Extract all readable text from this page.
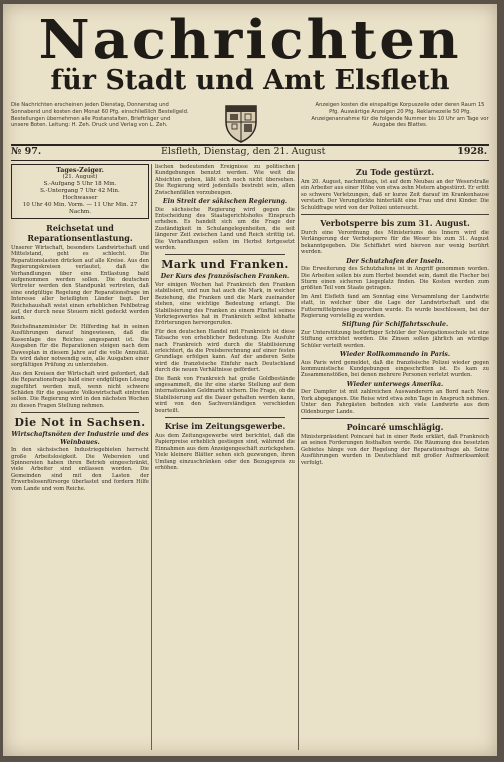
Nachrichten
für Stadt und Amt Elsfleth
Die Nachrichten erscheinen jeden Dienstag, Donnerstag und Sonnabend und kosten den Monat 60 Pfg. einschließlich Bestellgeld. Bestellungen übernehmen alle Postanstalten, Briefträger und unsere Boten. Leitung: H. Zeh. Druck und Verlag von L. Zeh.
Anzeigen kosten die einspaltige Korpuszeile oder deren Raum 15 Pfg. Auswärtige Anzeigen 20 Pfg. Reklamezeile 50 Pfg. Anzeigenannahme für die folgende Nummer bis 10 Uhr am Tage vor Ausgabe des Blattes.
№ 97.	Elsfleth, Dienstag, den 21. August	1928.
Tages-Zeiger.
(21. August)
S.-Aufgang 5 Uhr 18 Min.
S.-Untergang 7 Uhr 42 Min.
Hochwasser
10 Uhr 40 Min. Vorm. — 11 Uhr Min. 27 Nachm.
Reichsetat und Reparationsentlastung.

Unserer Wirtschaft, besonders Landwirtschaft und Mittelstand, geht es schlecht. Die Reparationslasten drücken auf alle Kreise. Aus den Regierungskreisen verlautet, daß die Verhandlungen über eine Entlastung bald aufgenommen werden sollen. Die deutschen Vertreter werden den Standpunkt vertreten, daß eine endgültige Regelung der Reparationsfrage im Interesse aller beteiligten Länder liegt. Der Reichshaushalt weist einen erheblichen Fehlbetrag auf, der durch neue Steuern nicht gedeckt werden kann.

Reichsfinanzminister Dr. Hilferding hat in seinen Ausführungen darauf hingewiesen, daß die Kassenlage des Reiches angespannt ist. Die Ausgaben für die Reparationen steigen nach dem Dawesplan in diesem Jahre auf die volle Annuität. Es wird daher notwendig sein, alle Ausgaben einer sorgfältigen Prüfung zu unterziehen.

Aus den Kreisen der Wirtschaft wird gefordert, daß die Reparationsfrage bald einer endgültigen Lösung zugeführt werden muß, wenn nicht schwere Schäden für die gesamte Volkswirtschaft eintreten sollen. Die Regierung wird in den nächsten Wochen zu diesen Fragen Stellung nehmen.

Die Not in Sachsen.
Wirtschaftsnöten der Industrie und des Weinbaues.

In den sächsischen Industriegebieten herrscht große Arbeitslosigkeit. Die Webereien und Spinnereien haben ihren Betrieb eingeschränkt, viele Arbeiter sind entlassen worden. Die Gemeinden sind mit den Lasten der Erwerbslosenfürsorge überlastet und fordern Hilfe vom Lande und vom Reiche.

lischen bedeutenden Ereignisse zu politischen Kundgebungen benutzt werden. Wie weit die Absichten gehen, läßt sich noch nicht übersehen. Die Regierung wird jedenfalls bestrebt sein, allen Zwischenfällen vorzubeugen.

Ein Streit der säkischen Regierung.

Die sächsische Regierung wird gegen die Entscheidung des Staatsgerichtshofes Einspruch erheben. Es handelt sich um die Frage der Zuständigkeit in Schulangelegenheiten, die seit längerer Zeit zwischen Land und Reich strittig ist. Die Verhandlungen sollen im Herbst fortgesetzt werden.

Mark und Franken.
Der Kurs des französischen Franken.

Vor einigen Wochen hat Frankreich den Franken stabilisiert, und nun hat auch die Mark, in welcher Beziehung, die Franken und die Mark zueinander stehen, eine wichtige Bedeutung erlangt. Die Stabilisierung des Franken zu einem Fünftel seines Vorkriegswertes hat in Frankreich selbst lebhafte Erörterungen hervorgerufen.

Für den deutschen Handel mit Frankreich ist diese Tatsache von erheblicher Bedeutung. Die Ausfuhr nach Frankreich wird durch die Stabilisierung erleichtert, da die Preisberechnung auf einer festen Grundlage erfolgen kann. Auf der anderen Seite wird die französische Einfuhr nach Deutschland durch die neuen Verhältnisse gefördert.

Die Bank von Frankreich hat große Goldbestände angesammelt, die ihr eine starke Stellung auf dem internationalen Geldmarkt sichern. Die Frage, ob die Stabilisierung auf die Dauer gehalten werden kann, wird von den Sachverständigen verschieden beurteilt.

Krise im Zeitungsgewerbe.

Aus dem Zeitungsgewerbe wird berichtet, daß die Papierpreise erheblich gestiegen sind, während die Einnahmen aus dem Anzeigengeschäft zurückgehen. Viele kleinere Blätter sehen sich gezwungen, ihren Umfang einzuschränken oder den Bezugspreis zu erhöhen.

Zu Tode gestürzt.

Am 20. August, nachmittags, ist auf dem Neubau an der Weserstraße ein Arbeiter aus einer Höhe von etwa zehn Metern abgestürzt. Er erlitt so schwere Verletzungen, daß er kurze Zeit darauf im Krankenhause verstarb. Der Verunglückte hinterläßt eine Frau und drei Kinder. Die Schuldfrage wird von der Polizei untersucht.

Verbotsperre bis zum 31. August.

Durch eine Verordnung des Ministeriums des Innern wird die Verlängerung der Verbotsperre für die Weser bis zum 31. August bekanntgegeben. Die Schiffahrt wird hiervon nur wenig berührt werden.

Der Schutzhafen der Inseln.

Die Erweiterung des Schutzhafens ist in Angriff genommen worden. Die Arbeiten sollen bis zum Herbst beendet sein, damit die Fischer bei Sturm einen sicheren Liegeplatz finden. Die Kosten werden zum größten Teil vom Staate getragen.

Im Amt Elsfleth fand am Sonntag eine Versammlung der Landwirte statt, in welcher über die Lage der Landwirtschaft und die Futtermittelpreise gesprochen wurde. Es wurde beschlossen, bei der Regierung vorstellig zu werden.

Stiftung für Schiffahrtsschule.

Zur Unterstützung bedürftiger Schüler der Navigationsschule ist eine Stiftung errichtet worden. Die Zinsen sollen jährlich an würdige Schüler verteilt werden.

Wieder Rollkommando in Paris.

Aus Paris wird gemeldet, daß die französische Polizei wieder gegen kommunistische Kundgebungen eingeschritten ist. Es kam zu Zusammenstößen, bei denen mehrere Personen verletzt wurden.

Wieder unterwegs Amerika.

Der Dampfer ist mit zahlreichen Auswanderern an Bord nach New York abgegangen. Die Reise wird etwa zehn Tage in Anspruch nehmen. Unter den Fahrgästen befinden sich viele Landwirte aus dem Oldenburger Lande.

Poincaré umschlägig.

Ministerpräsident Poincaré hat in einer Rede erklärt, daß Frankreich an seinen Forderungen festhalten werde. Die Räumung des besetzten Gebietes hänge von der Regelung der Reparationsfrage ab. Seine Ausführungen wurden in Deutschland mit großer Aufmerksamkeit verfolgt.
